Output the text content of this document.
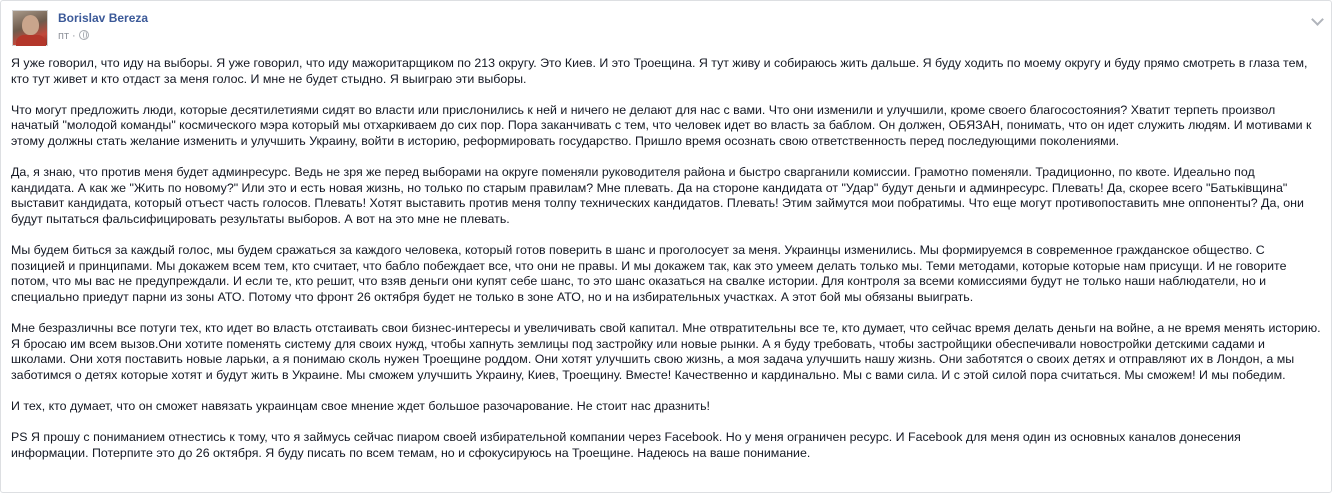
Borislav Bereza
пт ·

Я уже говорил, что иду на выборы. Я уже говорил, что иду мажоритарщиком по 213 округу. Это Киев. И это Троещина. Я тут живу и собираюсь жить дальше. Я буду ходить по моему округу и буду прямо смотреть в глаза тем, кто тут живет и кто отдаст за меня голос. И мне не будет стыдно. Я выиграю эти выборы.

Что могут предложить люди, которые десятилетиями сидят во власти или прислонились к ней и ничего не делают для нас с вами. Что они изменили и улучшили, кроме своего благосостояния? Хватит терпеть произвол начатый "молодой команды" космического мэра который мы отхаркиваем до сих пор. Пора заканчивать с тем, что человек идет во власть за баблом. Он должен, ОБЯЗАН, понимать, что он идет служить людям. И мотивами к этому должны стать желание изменить и улучшить Украину, войти в историю, реформировать государство. Пришло время осознать свою ответственность перед последующими поколениями.

Да, я знаю, что против меня будет админресурс. Ведь не зря же перед выборами на округе поменяли руководителя района и быстро сварганили комиссии. Грамотно поменяли. Традиционно, по квоте. Идеально под кандидата. А как же "Жить по новому?" Или это и есть новая жизнь, но только по старым правилам? Мне плевать. Да на стороне кандидата от "Удар" будут деньги и админресурс. Плевать! Да, скорее всего "Батьківщина" выставит кандидата, который отъест часть голосов. Плевать! Хотят выставить против меня толпу технических кандидатов. Плевать! Этим займутся мои побратимы. Что еще могут противопоставить мне оппоненты? Да, они будут пытаться фальсифицировать результаты выборов. А вот на это мне не плевать.

Мы будем биться за каждый голос, мы будем сражаться за каждого человека, который готов поверить в шанс и проголосует за меня. Украинцы изменились. Мы формируемся в современное гражданское общество. С позицией и принципами. Мы докажем всем тем, кто считает, что бабло побеждает все, что они не правы. И мы докажем так, как это умеем делать только мы. Теми методами, которые которые нам присущи. И не говорите потом, что мы вас не предупреждали. И если те, кто решит, что взяв деньги они купят себе шанс, то это шанс оказаться на свалке истории. Для контроля за всеми комиссиями будут не только наши наблюдатели, но и специально приедут парни из зоны АТО. Потому что фронт 26 октября будет не только в зоне АТО, но и на избирательных участках. А этот бой мы обязаны выиграть.

Мне безразличны все потуги тех, кто идет во власть отстаивать свои бизнес-интересы и увеличивать свой капитал. Мне отвратительны все те, кто думает, что сейчас время делать деньги на войне, а не время менять историю. Я бросаю им всем вызов.Они хотите поменять систему для своих нужд, чтобы хапнуть землицы под застройку или новые рынки. А я буду требовать, чтобы застройщики обеспечивали новостройки детскими садами и школами. Они хотя поставить новые ларьки, а я понимаю сколь нужен Троещине роддом. Они хотят улучшить свою жизнь, а моя задача улучшить нашу жизнь. Они заботятся о своих детях и отправляют их в Лондон, а мы заботимся о детях которые хотят и будут жить в Украине. Мы сможем улучшить Украину, Киев, Троещину. Вместе! Качественно и кардинально. Мы с вами сила. И с этой силой пора считаться. Мы сможем! И мы победим.

И тех, кто думает, что он сможет навязать украинцам свое мнение ждет большое разочарование. Не стоит нас дразнить!

PS Я прошу с пониманием отнестись к тому, что я займусь сейчас пиаром своей избирательной компании через Facebook. Но у меня ограничен ресурс. И Facebook для меня один из основных каналов донесения информации. Потерпите это до 26 октября. Я буду писать по всем темам, но и сфокусируюсь на Троещине. Надеюсь на ваше понимание.
